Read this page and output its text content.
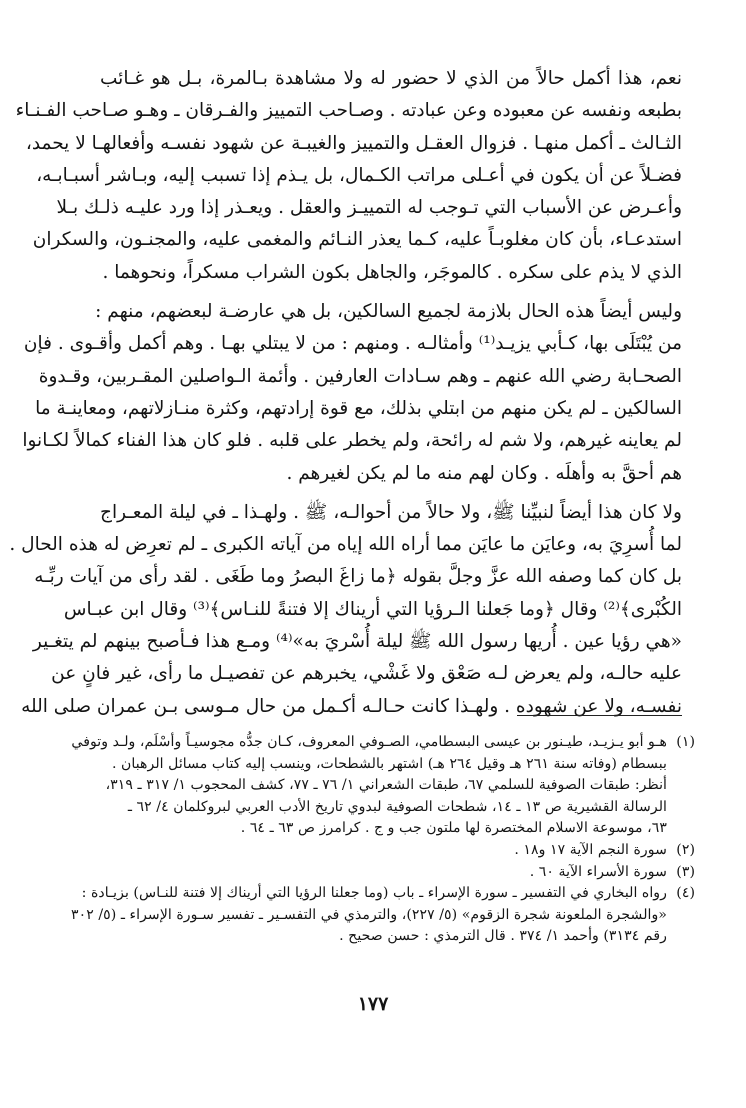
نعم، هذا أكمل حالاً من الذي لا حضور له ولا مشاهدة بـالمرة، بـل هو غـائب
بطبعه ونفسه عن معبوده وعن عبادته . وصـاحب التمييز والفـرقان ـ وهـو صـاحب الفـنـاء
الثـالث ـ أكمل منهـا . فزوال العقـل والتمييز والغيبـة عن شهود نفسـه وأفعالهـا لا يحمد،
فضـلاً عن أن يكون في أعـلى مراتب الكـمال، بل يـذم إذا تسبب إليه، وبـاشر أسبـابـه،
وأعـرض عن الأسباب التي تـوجب له التمييـز والعقل . ويعـذر إذا ورد عليـه ذلـك بـلا
استدعـاء، بأن كان مغلوبـاً عليه، كـما يعذر النـائم والمغمى عليه، والمجنـون، والسكران
الذي لا يذم على سكره . كالموجَر، والجاهل بكون الشراب مسكراً، ونحوهما .
وليس أيضاً هذه الحال بلازمة لجميع السالكين، بل هي عارضـة لبعضهم، منهم :
من يُبْتَلَى بها، كـأبي يزيـد⁽¹⁾ وأمثالـه . ومنهم : من لا يبتلي بهـا . وهم أكمل وأقـوى . فإن
الصحـابة رضي الله عنهم ـ وهم سـادات العارفين . وأئمة الـواصلين المقـربين، وقـدوة
السالكين ـ لم يكن منهم من ابتلي بذلك، مع قوة إرادتهم، وكثرة منـازلاتهم، ومعاينـة ما
لم يعاينه غيرهم، ولا شم له رائحة، ولم يخطر على قلبه . فلو كان هذا الفناء كمالاً لكـانوا
هم أحقَّ به وأهلَه . وكان لهم منه ما لم يكن لغيرهم .
ولا كان هذا أيضاً لنبيِّنا ﷺ، ولا حالاً من أحوالـه، ﷺ . ولهـذا ـ في ليلة المعـراج
لما أُسرِيَ به، وعايَن ما عايَن مما أراه الله إياه من آياته الكبرى ـ لم تعرِض له هذه الحال .
بل كان كما وصفه الله عزَّ وجلَّ بقوله ﴿ما زاغَ البصرُ وما طَغَى . لقد رأى من آيات ربِّـه
الكُبْرى﴾⁽²⁾ وقال ﴿وما جَعلنا الـرؤيا التي أريناك إلا فتنةً للنـاس﴾⁽³⁾ وقال ابن عبـاس
«هي رؤيا عين . أُريها رسول الله ﷺ ليلة أُسْريَ به»⁽⁴⁾ ومـع هذا فـأصبح بينهم لم يتغـير
عليه حالـه، ولم يعرض لـه صَعْق ولا غَشْي، يخبرهم عن تفصيـل ما رأى، غير فانٍ عن
نفسـه، ولا عن شهوده . ولهـذا كانت حـالـه أكـمل من حال مـوسى بـن عمران صلى الله
(١)
هـو أبو يـزيـد، طيـنور بن عيسى البسطامي، الصـوفي المعروف، كـان جدُّه مجوسيـاً وأسْلَم، ولـد وتوفي
ببسطام (وفاته سنة ٢٦١ هـ وقيل ٢٦٤ هـ) اشتهر بالشطحات، وينسب إليه كتاب مسائل الرهبان .
أنظر: طبقات الصوفية للسلمي ٦٧، طبقات الشعراني ١/ ٧٦ ـ ٧٧، كشف المحجوب ١/ ٣١٧ ـ ٣١٩،
الرسالة القشيرية ص ١٣ ـ ١٤، شطحات الصوفية لبدوي تاريخ الأدب العربي لبروكلمان ٤/ ٦٢ ـ
٦٣، موسوعة الاسلام المختصرة لها ملتون جب و ج . كرامرز ص ٦٣ ـ ٦٤ .
(٢)
سورة النجم الآية ١٧ و١٨ .
(٣)
سورة الأسراء الآية ٦٠ .
(٤)
رواه البخاري في التفسير ـ سورة الإسراء ـ باب (وما جعلنا الرؤيا التي أريناك إلا فتنة للنـاس) بزيـادة :
«والشجرة الملعونة شجرة الزقوم» (٥/ ٢٢٧)، والترمذي في التفسـير ـ تفسير سـورة الإسراء ـ (٥/ ٣٠٢
رقم ٣١٣٤) وأحمد ١/ ٣٧٤ . قال الترمذي : حسن صحيح .
١٧٧
